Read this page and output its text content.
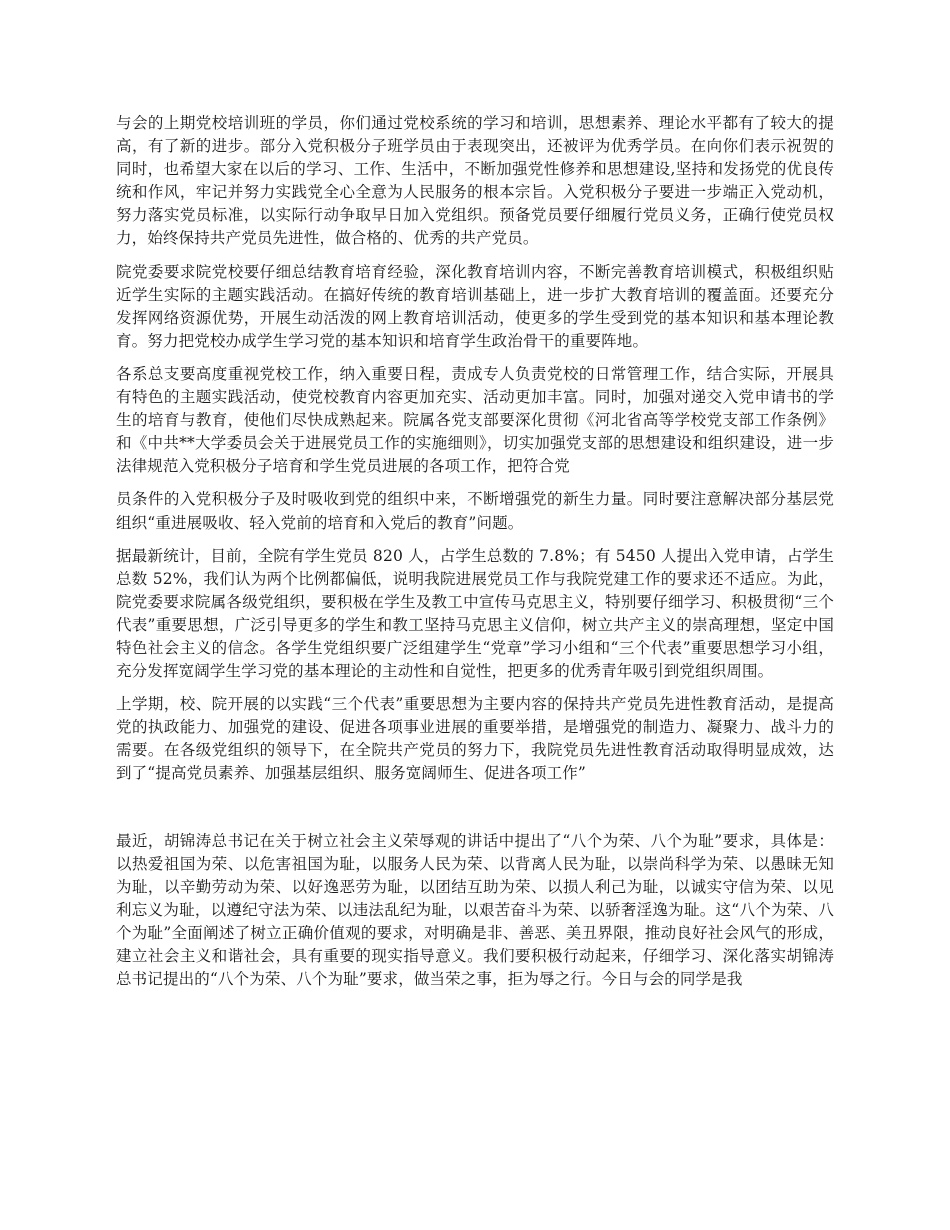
与会的上期党校培训班的学员，你们通过党校系统的学习和培训，思想素养、理论水平都有了较大的提高，有了新的进步。部分入党积极分子班学员由于表现突出，还被评为优秀学员。在向你们表示祝贺的同时，也希望大家在以后的学习、工作、生活中，不断加强党性修养和思想建设,坚持和发扬党的优良传统和作风，牢记并努力实践党全心全意为人民服务的根本宗旨。入党积极分子要进一步端正入党动机，努力落实党员标准，以实际行动争取早日加入党组织。预备党员要仔细履行党员义务，正确行使党员权力，始终保持共产党员先进性，做合格的、优秀的共产党员。

院党委要求院党校要仔细总结教育培育经验，深化教育培训内容，不断完善教育培训模式，积极组织贴近学生实际的主题实践活动。在搞好传统的教育培训基础上，进一步扩大教育培训的覆盖面。还要充分发挥网络资源优势，开展生动活泼的网上教育培训活动，使更多的学生受到党的基本知识和基本理论教育。努力把党校办成学生学习党的基本知识和培育学生政治骨干的重要阵地。

各系总支要高度重视党校工作，纳入重要日程，责成专人负责党校的日常管理工作，结合实际，开展具有特色的主题实践活动，使党校教育内容更加充实、活动更加丰富。同时，加强对递交入党申请书的学生的培育与教育，使他们尽快成熟起来。院属各党支部要深化贯彻《河北省高等学校党支部工作条例》和《中共**大学委员会关于进展党员工作的实施细则》，切实加强党支部的思想建设和组织建设，进一步法律规范入党积极分子培育和学生党员进展的各项工作，把符合党

员条件的入党积极分子及时吸收到党的组织中来，不断增强党的新生力量。同时要注意解决部分基层党组织“重进展吸收、轻入党前的培育和入党后的教育”问题。

据最新统计，目前，全院有学生党员 820 人，占学生总数的 7.8%；有 5450 人提出入党申请，占学生总数 52%，我们认为两个比例都偏低，说明我院进展党员工作与我院党建工作的要求还不适应。为此，院党委要求院属各级党组织，要积极在学生及教工中宣传马克思主义，特别要仔细学习、积极贯彻“三个代表”重要思想，广泛引导更多的学生和教工坚持马克思主义信仰，树立共产主义的崇高理想，坚定中国特色社会主义的信念。各学生党组织要广泛组建学生“党章”学习小组和“三个代表”重要思想学习小组，充分发挥宽阔学生学习党的基本理论的主动性和自觉性，把更多的优秀青年吸引到党组织周围。

上学期，校、院开展的以实践“三个代表”重要思想为主要内容的保持共产党员先进性教育活动，是提高党的执政能力、加强党的建设、促进各项事业进展的重要举措，是增强党的制造力、凝聚力、战斗力的需要。在各级党组织的领导下，在全院共产党员的努力下，我院党员先进性教育活动取得明显成效，达到了“提高党员素养、加强基层组织、服务宽阔师生、促进各项工作”

最近，胡锦涛总书记在关于树立社会主义荣辱观的讲话中提出了“八个为荣、八个为耻”要求，具体是：以热爱祖国为荣、以危害祖国为耻，以服务人民为荣、以背离人民为耻，以崇尚科学为荣、以愚昧无知为耻，以辛勤劳动为荣、以好逸恶劳为耻，以团结互助为荣、以损人利己为耻，以诚实守信为荣、以见利忘义为耻，以遵纪守法为荣、以违法乱纪为耻，以艰苦奋斗为荣、以骄奢淫逸为耻。这“八个为荣、八个为耻”全面阐述了树立正确价值观的要求，对明确是非、善恶、美丑界限，推动良好社会风气的形成，建立社会主义和谐社会，具有重要的现实指导意义。我们要积极行动起来，仔细学习、深化落实胡锦涛总书记提出的“八个为荣、八个为耻”要求，做当荣之事，拒为辱之行。今日与会的同学是我
